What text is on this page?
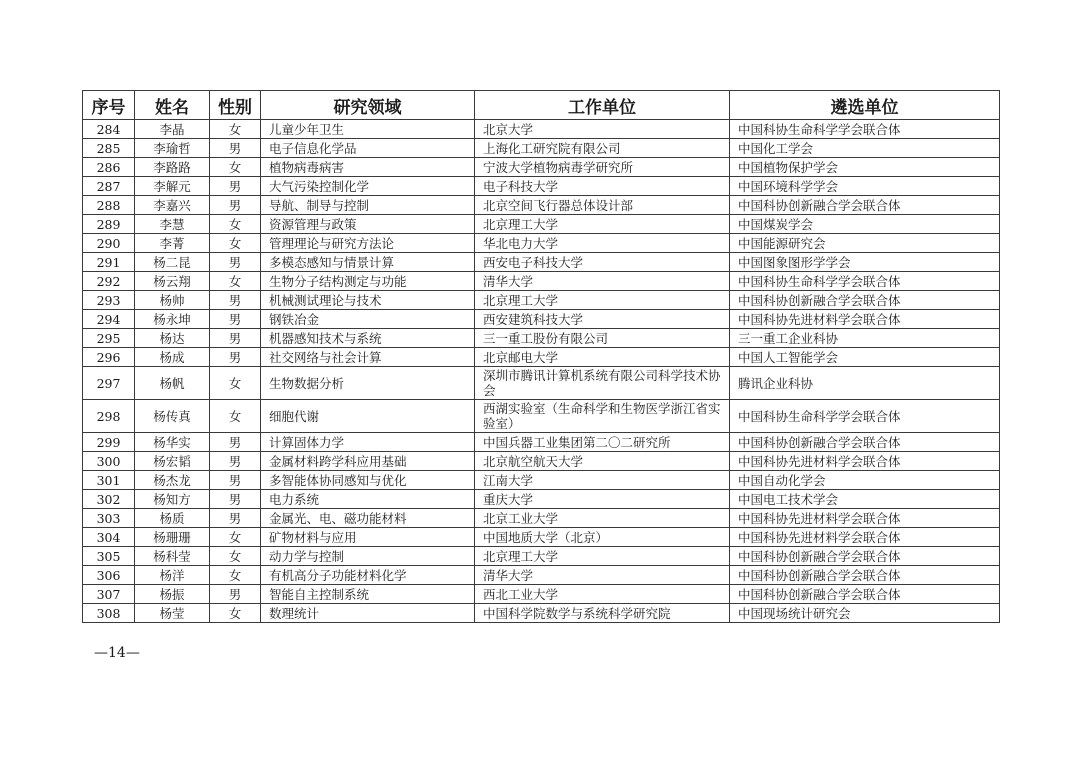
序号	姓名	性别	研究领域	工作单位	遴选单位
284	李晶	女	儿童少年卫生	北京大学	中国科协生命科学学会联合体
285	李瑜哲	男	电子信息化学品	上海化工研究院有限公司	中国化工学会
286	李路路	女	植物病毒病害	宁波大学植物病毒学研究所	中国植物保护学会
287	李解元	男	大气污染控制化学	电子科技大学	中国环境科学学会
288	李嘉兴	男	导航、制导与控制	北京空间飞行器总体设计部	中国科协创新融合学会联合体
289	李慧	女	资源管理与政策	北京理工大学	中国煤炭学会
290	李菁	女	管理理论与研究方法论	华北电力大学	中国能源研究会
291	杨二昆	男	多模态感知与情景计算	西安电子科技大学	中国图象图形学学会
292	杨云翔	女	生物分子结构测定与功能	清华大学	中国科协生命科学学会联合体
293	杨帅	男	机械测试理论与技术	北京理工大学	中国科协创新融合学会联合体
294	杨永坤	男	钢铁冶金	西安建筑科技大学	中国科协先进材料学会联合体
295	杨达	男	机器感知技术与系统	三一重工股份有限公司	三一重工企业科协
296	杨成	男	社交网络与社会计算	北京邮电大学	中国人工智能学会
297	杨帆	女	生物数据分析	深圳市腾讯计算机系统有限公司科学技术协会	腾讯企业科协
298	杨传真	女	细胞代谢	西湖实验室（生命科学和生物医学浙江省实验室）	中国科协生命科学学会联合体
299	杨华实	男	计算固体力学	中国兵器工业集团第二〇二研究所	中国科协创新融合学会联合体
300	杨宏韬	男	金属材料跨学科应用基础	北京航空航天大学	中国科协先进材料学会联合体
301	杨杰龙	男	多智能体协同感知与优化	江南大学	中国自动化学会
302	杨知方	男	电力系统	重庆大学	中国电工技术学会
303	杨质	男	金属光、电、磁功能材料	北京工业大学	中国科协先进材料学会联合体
304	杨珊珊	女	矿物材料与应用	中国地质大学（北京）	中国科协先进材料学会联合体
305	杨科莹	女	动力学与控制	北京理工大学	中国科协创新融合学会联合体
306	杨洋	女	有机高分子功能材料化学	清华大学	中国科协创新融合学会联合体
307	杨振	男	智能自主控制系统	西北工业大学	中国科协创新融合学会联合体
308	杨莹	女	数理统计	中国科学院数学与系统科学研究院	中国现场统计研究会
—14—
